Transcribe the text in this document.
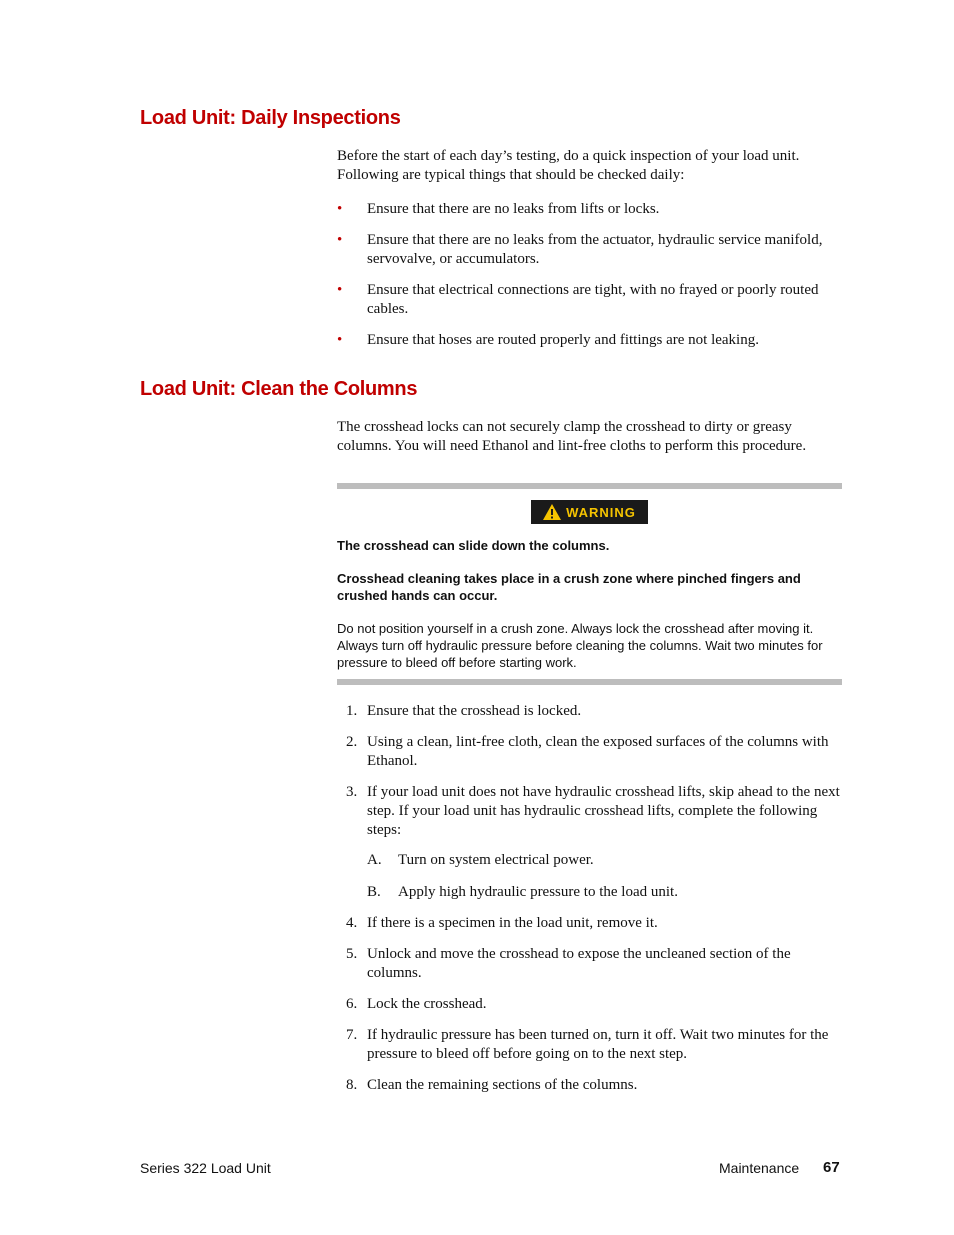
Load Unit: Daily Inspections

Before the start of each day’s testing, do a quick inspection of your load unit. Following are typical things that should be checked daily:

• Ensure that there are no leaks from lifts or locks.
• Ensure that there are no leaks from the actuator, hydraulic service manifold, servovalve, or accumulators.
• Ensure that electrical connections are tight, with no frayed or poorly routed cables.
• Ensure that hoses are routed properly and fittings are not leaking.
Load Unit: Clean the Columns

The crosshead locks can not securely clamp the crosshead to dirty or greasy columns. You will need Ethanol and lint-free cloths to perform this procedure.

WARNING
The crosshead can slide down the columns.
Crosshead cleaning takes place in a crush zone where pinched fingers and crushed hands can occur.
Do not position yourself in a crush zone. Always lock the crosshead after moving it. Always turn off hydraulic pressure before cleaning the columns. Wait two minutes for pressure to bleed off before starting work.
1. Ensure that the crosshead is locked.
2. Using a clean, lint-free cloth, clean the exposed surfaces of the columns with Ethanol.
3. If your load unit does not have hydraulic crosshead lifts, skip ahead to the next step. If your load unit has hydraulic crosshead lifts, complete the following steps:
A. Turn on system electrical power.
B. Apply high hydraulic pressure to the load unit.
4. If there is a specimen in the load unit, remove it.
5. Unlock and move the crosshead to expose the uncleaned section of the columns.
6. Lock the crosshead.
7. If hydraulic pressure has been turned on, turn it off. Wait two minutes for the pressure to bleed off before going on to the next step.
8. Clean the remaining sections of the columns.
Series 322 Load Unit	Maintenance 67
